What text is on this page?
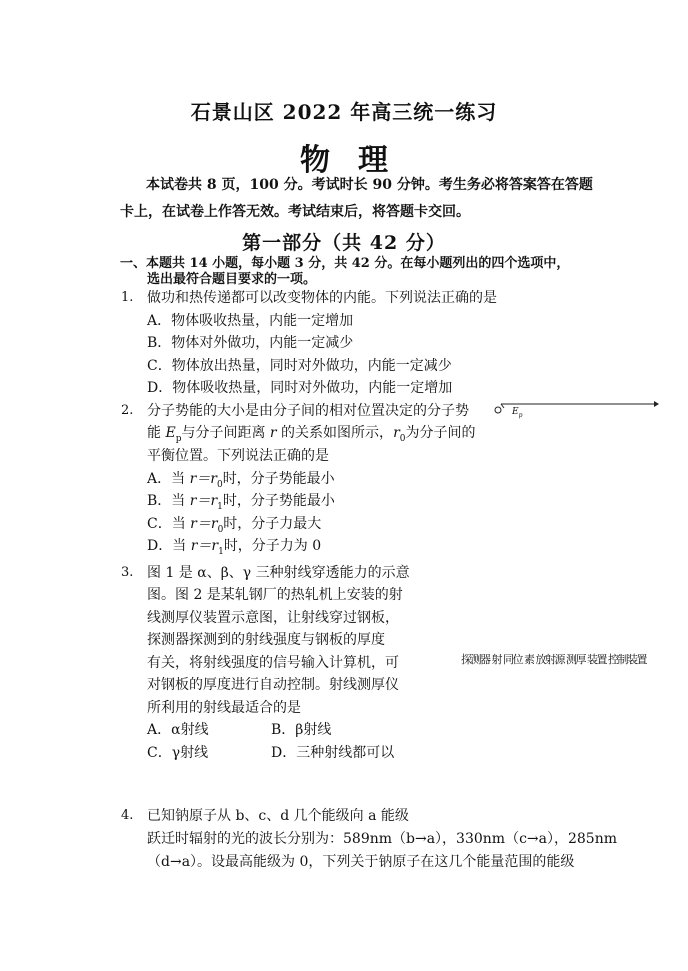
石景山区 2022 年高三统一练习
物理
本试卷共 8 页，100 分。考试时长 90 分钟。考生务必将答案答在答题
卡上，在试卷上作答无效。考试结束后，将答题卡交回。
第一部分（共 42 分）
一、本题共 14 小题，每小题 3 分，共 42 分。在每小题列出的四个选项中，
选出最符合题目要求的一项。
1. 做功和热传递都可以改变物体的内能。下列说法正确的是
A．物体吸收热量，内能一定增加
B．物体对外做功，内能一定减少
C．物体放出热量，同时对外做功，内能一定减少
D．物体吸收热量，同时对外做功，内能一定增加
2. 分子势能的大小是由分子间的相对位置决定的分子势
能 $E_p$与分子间距离 r 的关系如图所示，$r_0$为分子间的
平衡位置。下列说法正确的是
A．当 $r=r_0$时，分子势能最小
B．当 $r=r_1$时，分子势能最小
C．当 $r=r_0$时，分子力最大
D．当 $r=r_1$时，分子力为 0
$E_p$
3. 图 1 是 α、β、γ 三种射线穿透能力的示意
图。图 2 是某轧钢厂的热轧机上安装的射
线测厚仪装置示意图，让射线穿过钢板，
探测器探测到的射线强度与钢板的厚度
有关，将射线强度的信号输入计算机，可
对钢板的厚度进行自动控制。射线测厚仪
所利用的射线最适合的是
A．α射线	B．β射线
C．γ射线	D．三种射线都可以
探测器 射 同位 素 放射源 测厚 装置 控制装置
4. 已知钠原子从 b、c、d 几个能级向 a 能级
跃迁时辐射的光的波长分别为：589nm（b→a），330nm（c→a），285nm
（d→a）。设最高能级为 0，下列关于钠原子在这几个能量范围的能级
